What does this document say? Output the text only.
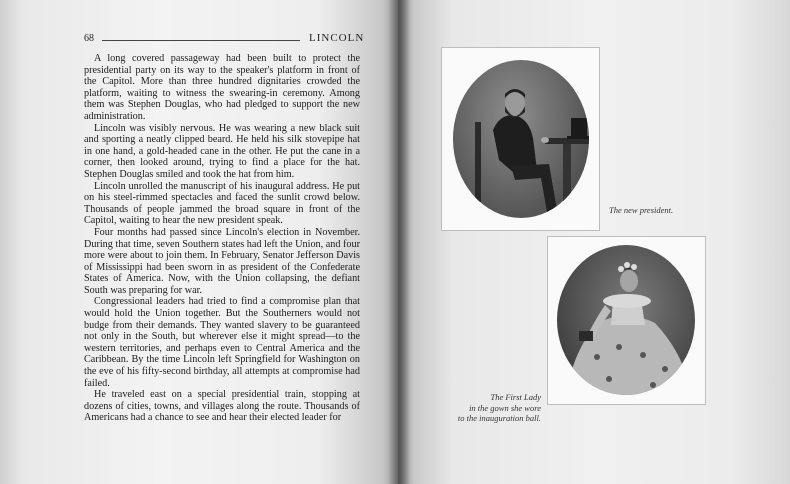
68	LINCOLN

A long covered passageway had been built to protect the presidential party on its way to the speaker's platform in front of the Capitol. More than three hundred dignitaries crowded the platform, waiting to witness the swearing-in ceremony. Among them was Stephen Douglas, who had pledged to support the new administration.

Lincoln was visibly nervous. He was wearing a new black suit and sporting a neatly clipped beard. He held his silk stovepipe hat in one hand, a gold-headed cane in the other. He put the cane in a corner, then looked around, trying to find a place for the hat. Stephen Douglas smiled and took the hat from him.

Lincoln unrolled the manuscript of his inaugural address. He put on his steel-rimmed spectacles and faced the sunlit crowd below. Thousands of people jammed the broad square in front of the Capitol, waiting to hear the new president speak.

Four months had passed since Lincoln's election in November. During that time, seven Southern states had left the Union, and four more were about to join them. In February, Senator Jefferson Davis of Mississippi had been sworn in as president of the Confederate States of America. Now, with the Union collapsing, the defiant South was preparing for war.

Congressional leaders had tried to find a compromise plan that would hold the Union together. But the Southerners would not budge from their demands. They wanted slavery to be guaranteed not only in the South, but wherever else it might spread—to the western territories, and perhaps even to Central America and the Caribbean. By the time Lincoln left Springfield for Washington on the eve of his fifty-second birthday, all attempts at compromise had failed.

He traveled east on a special presidential train, stopping at dozens of cities, towns, and villages along the route. Thousands of Americans had a chance to see and hear their elected leader for

The new president.
The First Lady
in the gown she wore
to the inauguration ball.
